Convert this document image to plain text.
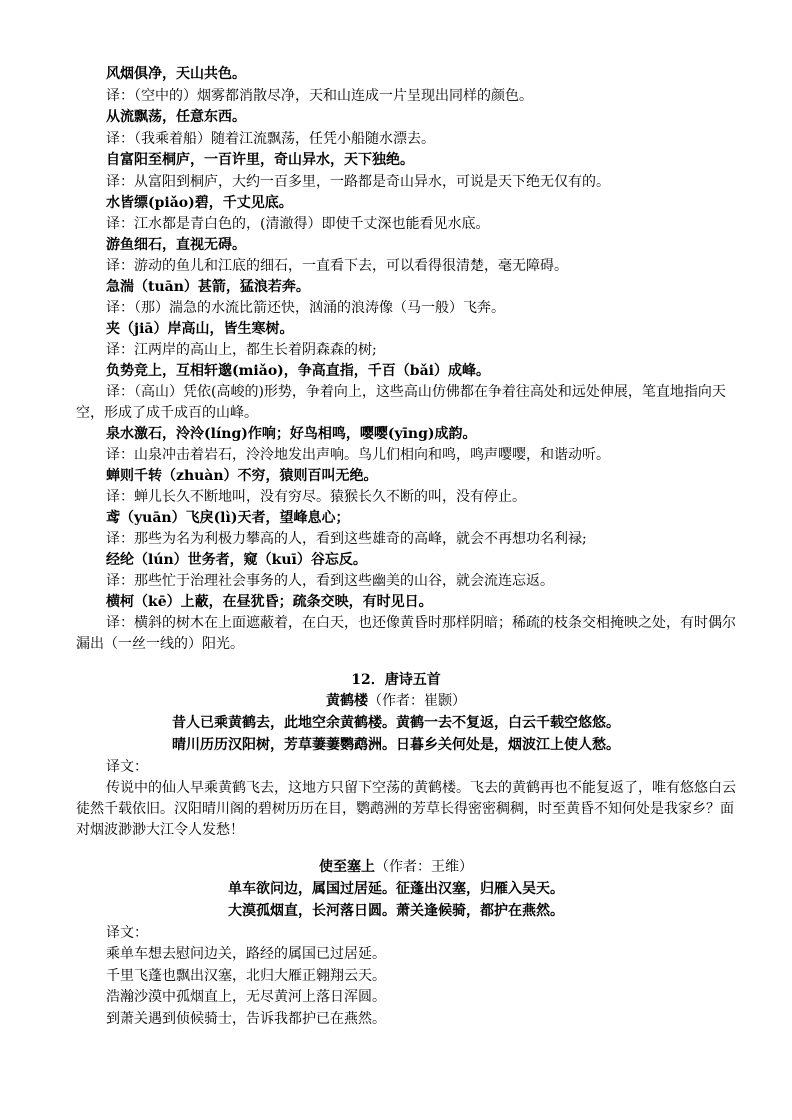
风烟俱净，天山共色。
译：（空中的）烟雾都消散尽净，天和山连成一片呈现出同样的颜色。
从流飘荡，任意东西。
译：（我乘着船）随着江流飘荡，任凭小船随水漂去。
自富阳至桐庐，一百许里，奇山异水，天下独绝。
译：从富阳到桐庐，大约一百多里，一路都是奇山异水，可说是天下绝无仅有的。
水皆缥(piǎo)碧，千丈见底。
译：江水都是青白色的，(清澈得）即使千丈深也能看见水底。
游鱼细石，直视无碍。
译：游动的鱼儿和江底的细石，一直看下去，可以看得很清楚，毫无障碍。
急湍（tuān）甚箭，猛浪若奔。
译：（那）湍急的水流比箭还快，汹涌的浪涛像（马一般）飞奔。
夹（jiā）岸高山，皆生寒树。
译：江两岸的高山上，都生长着阴森森的树;
负势竞上，互相轩邈(miǎo)，争高直指，千百（bǎi）成峰。
译：（高山）凭依(高峻的)形势，争着向上，这些高山仿佛都在争着往高处和远处伸展，笔直地指向天空，形成了成千成百的山峰。
泉水激石，泠泠(líng)作响；好鸟相鸣，嘤嘤(yīng)成韵。
译：山泉冲击着岩石，泠泠地发出声响。鸟儿们相向和鸣，鸣声嘤嘤，和谐动听。
蝉则千转（zhuàn）不穷，猿则百叫无绝。
译：蝉儿长久不断地叫，没有穷尽。猿猴长久不断的叫，没有停止。
鸢（yuān）飞戾(lì)天者，望峰息心；
译：那些为名为利极力攀高的人，看到这些雄奇的高峰，就会不再想功名利禄;
经纶（lún）世务者，窥（kuī）谷忘反。
译：那些忙于治理社会事务的人，看到这些幽美的山谷，就会流连忘返。
横柯（kē）上蔽，在昼犹昏；疏条交映，有时见日。
译：横斜的树木在上面遮蔽着，在白天，也还像黄昏时那样阴暗；稀疏的枝条交相掩映之处，有时偶尔漏出（一丝一线的）阳光。
12．唐诗五首
黄鹤楼（作者：崔颢）
昔人已乘黄鹤去，此地空余黄鹤楼。黄鹤一去不复返，白云千载空悠悠。
晴川历历汉阳树，芳草萋萋鹦鹉洲。日暮乡关何处是，烟波江上使人愁。
译文：
传说中的仙人早乘黄鹤飞去，这地方只留下空荡的黄鹤楼。飞去的黄鹤再也不能复返了，唯有悠悠白云徒然千载依旧。汉阳晴川阁的碧树历历在目，鹦鹉洲的芳草长得密密稠稠，时至黄昏不知何处是我家乡？面对烟波渺渺大江令人发愁！
使至塞上（作者：王维）
单车欲问边，属国过居延。征蓬出汉塞，归雁入吴天。
大漠孤烟直，长河落日圆。萧关逢候骑，都护在燕然。
译文：
乘单车想去慰问边关，路经的属国已过居延。
千里飞蓬也飘出汉塞，北归大雁正翱翔云天。
浩瀚沙漠中孤烟直上，无尽黄河上落日浑圆。
到萧关遇到侦候骑士，告诉我都护已在燕然。
